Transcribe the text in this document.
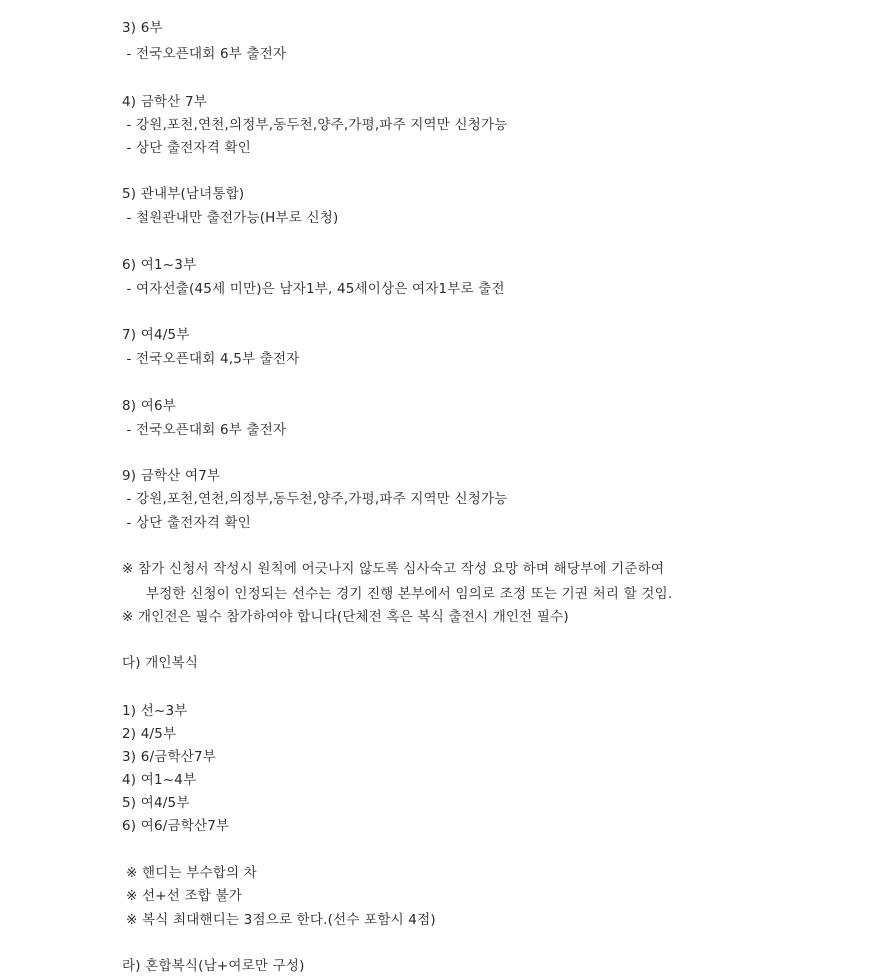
3) 6부
- 전국오픈대회 6부 출전자
4) 금학산 7부
- 강원,포천,연천,의정부,동두천,양주,가평,파주 지역만 신청가능
- 상단 출전자격 확인
5) 관내부(남녀통합)
- 철원관내만 출전가능(H부로 신청)
6) 여1~3부
- 여자선출(45세 미만)은 남자1부, 45세이상은 여자1부로 출전
7) 여4/5부
- 전국오픈대회 4,5부 출전자
8) 여6부
- 전국오픈대회 6부 출전자
9) 금학산 여7부
- 강원,포천,연천,의정부,동두천,양주,가평,파주 지역만 신청가능
- 상단 출전자격 확인
※ 참가 신청서 작성시 원칙에 어긋나지 않도록 심사숙고 작성 요망 하며 해당부에 기준하여
부정한 신청이 인정되는 선수는 경기 진행 본부에서 임의로 조정 또는 기권 처리 할 것임.
※ 개인전은 필수 참가하여야 합니다(단체전 혹은 복식 출전시 개인전 필수)
다) 개인복식
1) 선~3부
2) 4/5부
3) 6/금학산7부
4) 여1~4부
5) 여4/5부
6) 여6/금학산7부
※ 핸디는 부수합의 차
※ 선+선 조합 불가
※ 복식 최대핸디는 3점으로 한다.(선수 포함시 4점)
라) 혼합복식(남+여로만 구성)
